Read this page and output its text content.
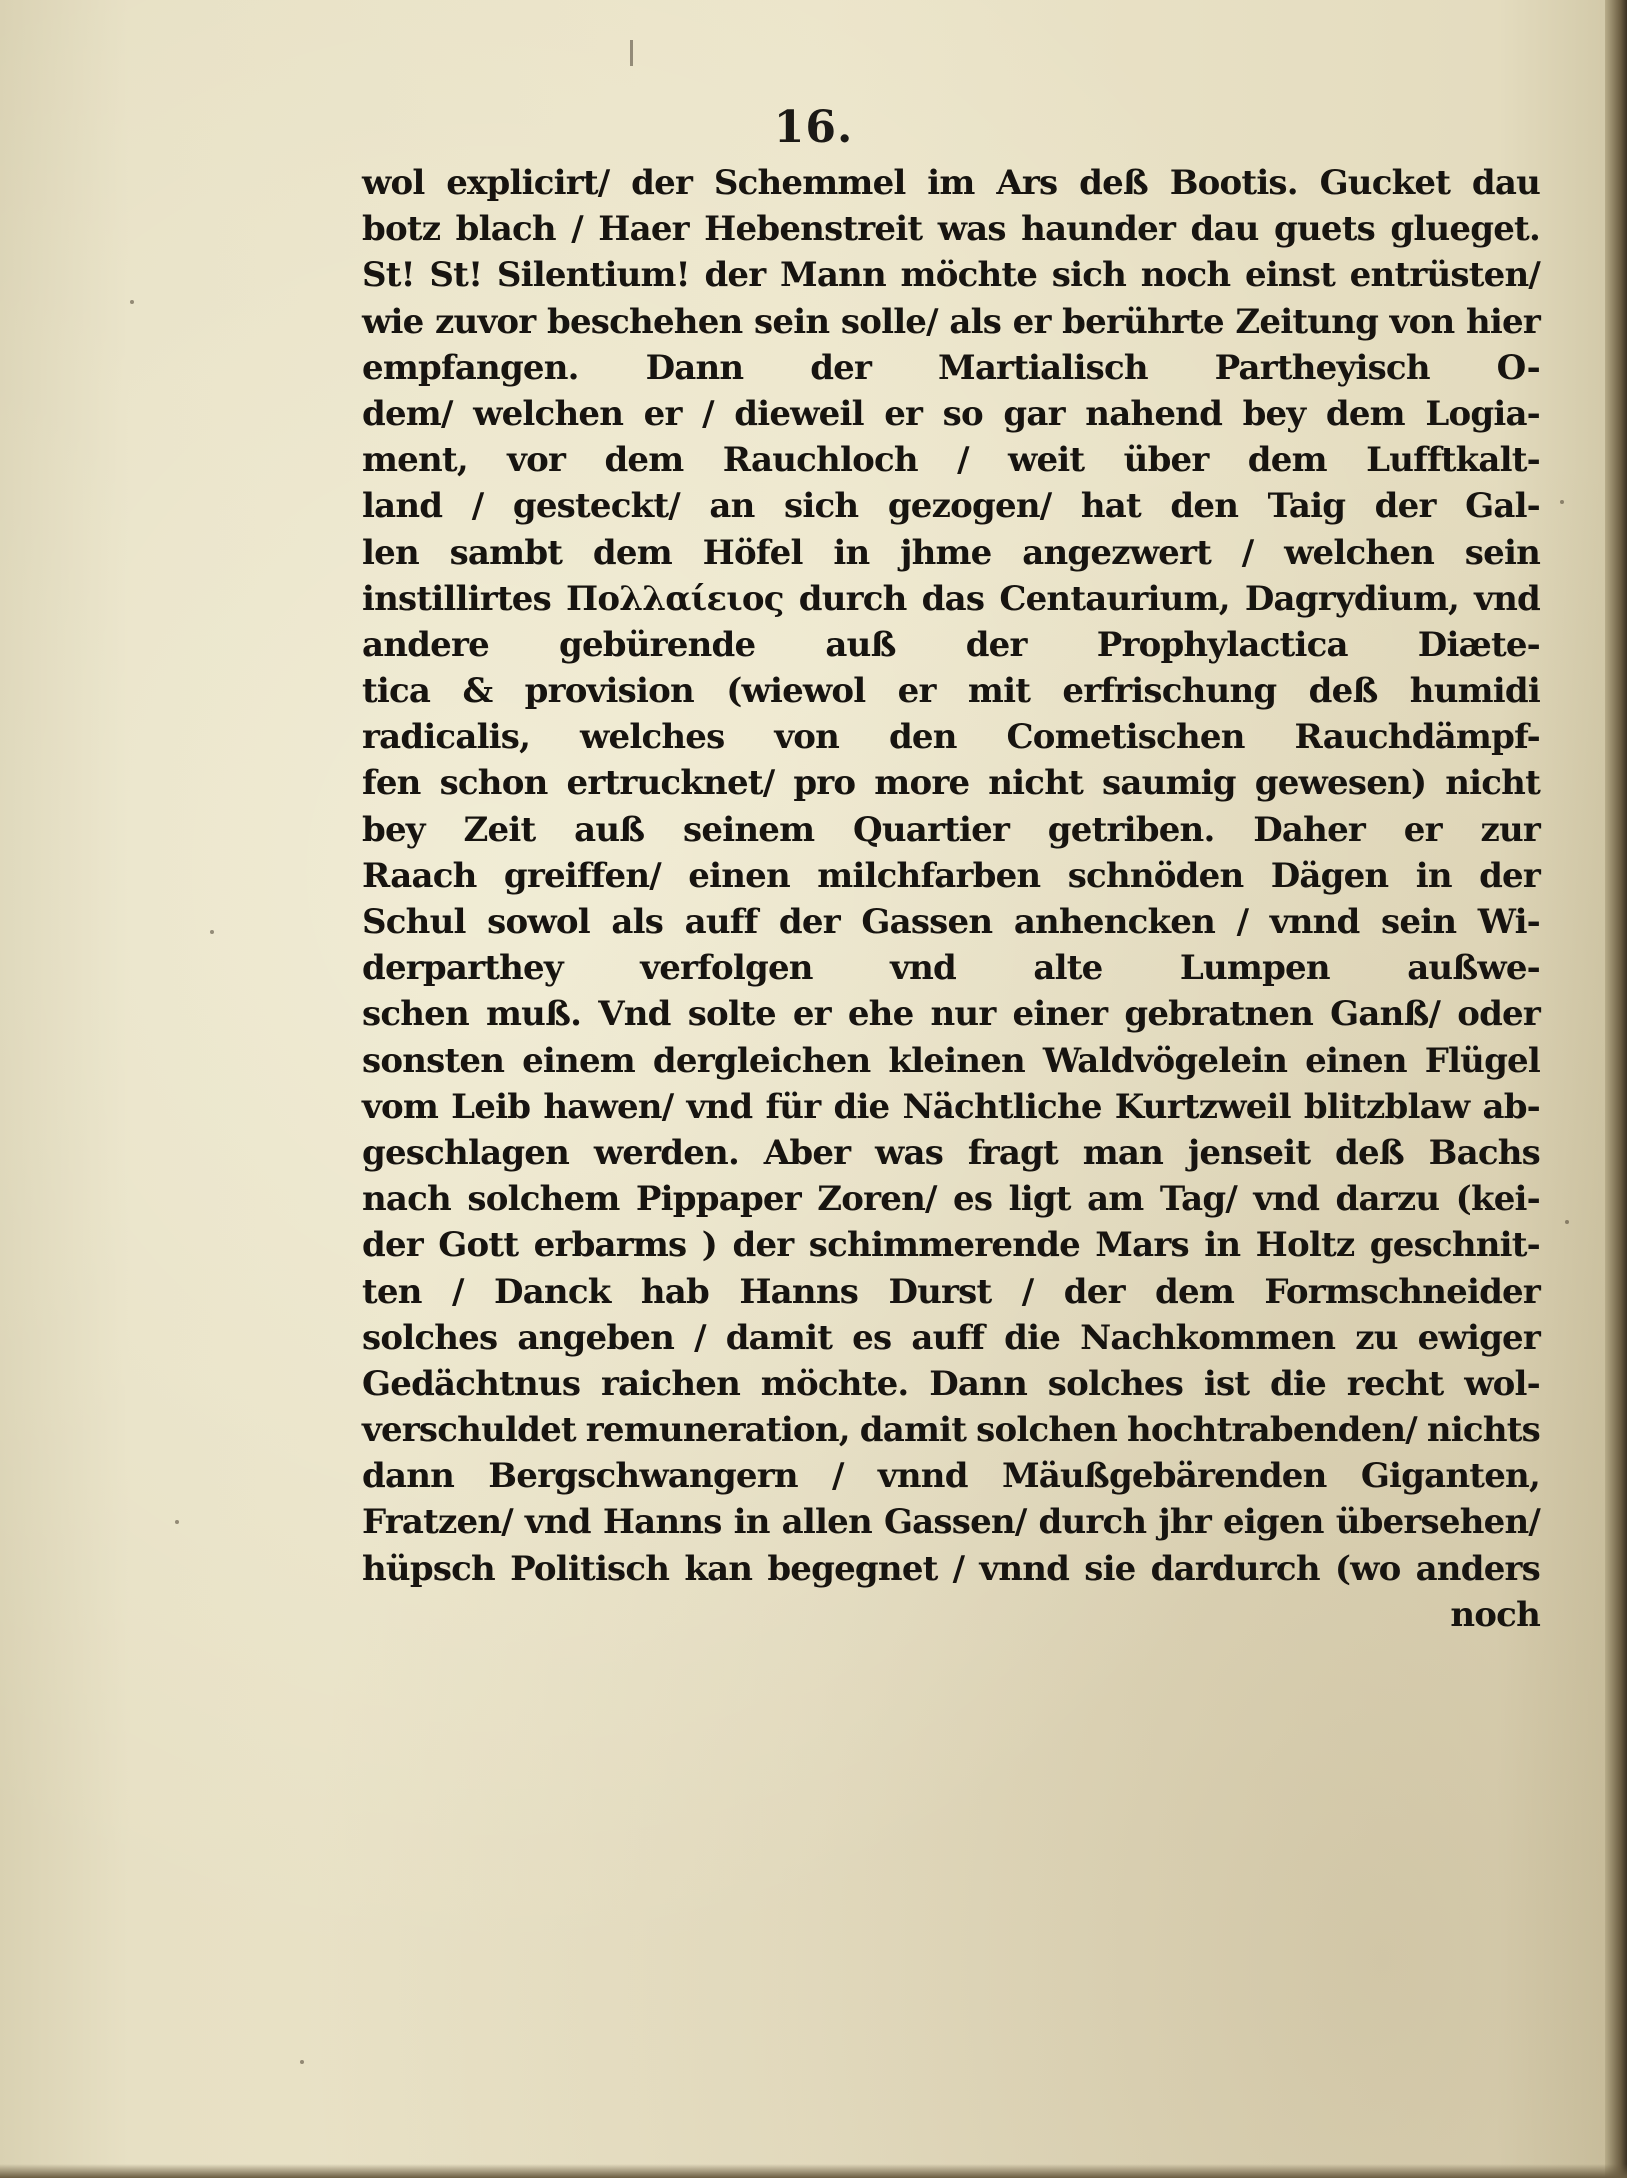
16.
wol explicirt/ der Schemmel im Ars deß Bootis. Gucket dau
botz blach / Haer Hebenstreit was haunder dau guets glueget.
St! St! Silentium! der Mann möchte sich noch einst entrüsten/
wie zuvor beschehen sein solle/ als er berührte Zeitung von hier
empfangen. Dann der Martialisch Partheyisch O-
dem/ welchen er / dieweil er so gar nahend bey dem Logia-
ment, vor dem Rauchloch / weit über dem Lufftkalt-
land / gesteckt/ an sich gezogen/ hat den Taig der Gal-
len sambt dem Höfel in jhme angezwert / welchen sein
instillirtes Πολλαίειος durch das Centaurium, Dagrydium, vnd
andere gebürende auß der Prophylactica Diæte-
tica & provision (wiewol er mit erfrischung deß humidi
radicalis, welches von den Cometischen Rauchdämpf-
fen schon ertrucknet/ pro more nicht saumig gewesen) nicht
bey Zeit auß seinem Quartier getriben. Daher er zur
Raach greiffen/ einen milchfarben schnöden Dägen in der
Schul sowol als auff der Gassen anhencken / vnnd sein Wi-
derparthey verfolgen vnd alte Lumpen außwe-
schen muß. Vnd solte er ehe nur einer gebratnen Ganß/ oder
sonsten einem dergleichen kleinen Waldvögelein einen Flügel
vom Leib hawen/ vnd für die Nächtliche Kurtzweil blitzblaw ab-
geschlagen werden. Aber was fragt man jenseit deß Bachs
nach solchem Pippaper Zoren/ es ligt am Tag/ vnd darzu (kei-
der Gott erbarms ) der schimmerende Mars in Holtz geschnit-
ten / Danck hab Hanns Durst / der dem Formschneider
solches angeben / damit es auff die Nachkommen zu ewiger
Gedächtnus raichen möchte. Dann solches ist die recht wol-
verschuldet remuneration, damit solchen hochtrabenden/ nichts
dann Bergschwangern / vnnd Mäußgebärenden Giganten,
Fratzen/ vnd Hanns in allen Gassen/ durch jhr eigen übersehen/
hüpsch Politisch kan begegnet / vnnd sie dardurch (wo anders
noch
